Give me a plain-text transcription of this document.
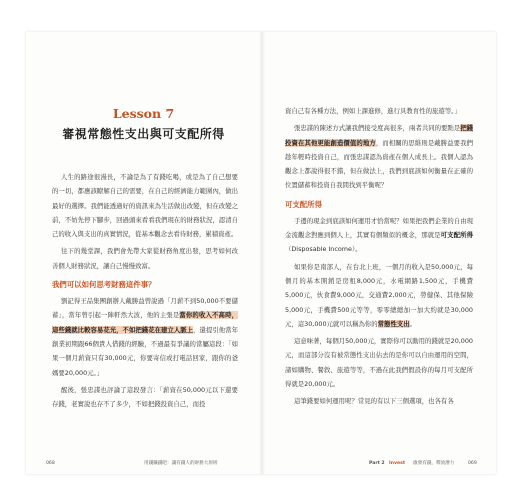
Lesson 7
審視常態性支出與可支配所得

人生的路途很漫長，不論是為了有錢吃喝，或是為了自己想要的一切，都應該瞭解自己的需要，在自己的經濟能力範圍內，做出最好的選擇。我們能透過好的資訊來為生活做出改變，但在改變之前，不妨先停下腳步，回過頭來看看我們現在的財務狀況，認清自己的收入與支出的真實情況，從基本觀念去看待財務，累積資產。

往下的幾堂課，我們會先帶大家從財務角度出發，思考如何改善個人財務狀況，讓自己慢慢致富。

我們可以如何思考財務這件事？

劉記得王品集團創辦人戴勝益曾說過「月薪不到50,000不要儲蓄」，當年曾引起一陣軒然大波，他的主張是當你的收入不高時，這些錢就比較容易花光，不如把錢花在建立人脈上，還提引他當年創業初期跟66個貴人借錢的經驗，不過最有爭議的當屬這段：「如果一個月薪資只有30,000元，你要寄信或打電話回家，跟你的爸媽要20,000元。」

醒後，張忠謀也評論了這段發言：「薪資在50,000元以下還要存錢，老實說也存不了多少，不如把錢投資自己，而投

068	用錢賺錢吧：讓有錢人的財務大原則

資自己有各種方法，例如上課進修，進行具教育性的旅遊等。」

張忠謀的陳述方式讓我們接受度高很多，兩者共同的要點是把錢投資在其他更能創造價值的地方，而相關的思維則是戴勝益要我們趁年輕時投資自己，而張忠謀認為資產在個人成長上。我個人認為觀念上都說得很不錯，但在做法上，我們到底該如何衡量在正確的位置儲蓄和投資自我間找到平衡呢？

可支配所得

手邊的現金到底該如何運用才恰當呢？如果把我們企業的自由現金流觀念對應到個人上，其實有個類似的概念，那就是可支配所得（Disposable Income）。

如果你是南部人，在台北上班，一個月的收入是50,000元，每個月的基本開銷是房租8,000元，水電網路1,500元，手機費5,000元，伙食費9,000元，交通費2,000元，勞健保、其他保險5,000元，手機費500元等等，零零總總加一加大約就是30,000元，這30,000元就可以稱為你的常態性支出。

這意味著，每個月50,000元，實際你可以動用的錢就是20,000元，而這部分沒有被常態性支出佔去的是你可以自由運用的空間，諸如購物、餐敘、旅遊等等，不過在此我們假設你的每月可支配所得就是20,000元。

這筆錢要如何運用呢？常見的有以下三個選項，也各有各

Part 2 Invest 啟發有錢，釋放潛力	069
